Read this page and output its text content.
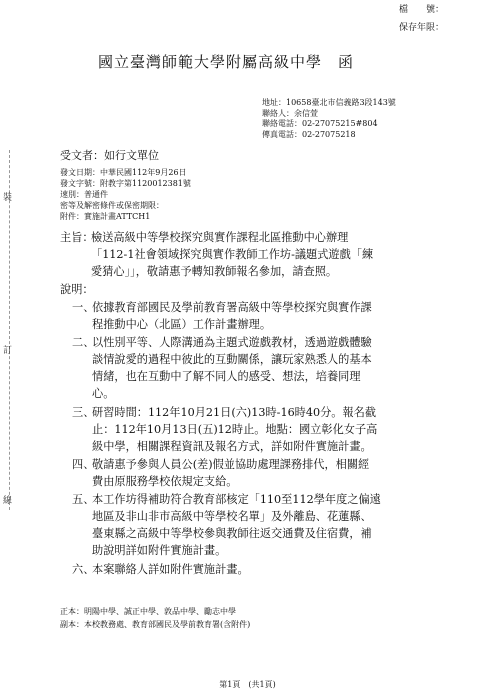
檔　　號：
保存年限：
國立臺灣師範大學附屬高級中學　函
地址：10658臺北市信義路3段143號
聯絡人：余信萱
聯絡電話：02-27075215#804
傳真電話：02-27075218
受文者：如行文單位
發文日期：中華民國112年9月26日
發文字號：附教字第1120012381號
速別：普通件
密等及解密條件或保密期限：
附件：實施計畫ATTCH1
裝
訂
線
主旨：
檢送高級中等學校探究與實作課程北區推動中心辦理
「112-1社會領域探究與實作教師工作坊-議題式遊戲「練
愛猜心」」，敬請惠予轉知教師報名參加，請查照。
說明：
一、
依據教育部國民及學前教育署高級中等學校探究與實作課
程推動中心（北區）工作計畫辦理。
二、
以性別平等、人際溝通為主題式遊戲教材，透過遊戲體驗
談情說愛的過程中彼此的互動關係，讓玩家熟悉人的基本
情緒，也在互動中了解不同人的感受、想法，培養同理
心。
三、
研習時間：112年10月21日(六)13時-16時40分。報名截
止：112年10月13日(五)12時止。地點：國立彰化女子高
級中學，相關課程資訊及報名方式，詳如附件實施計畫。
四、
敬請惠予參與人員公(差)假並協助處理課務排代，相關經
費由原服務學校依規定支給。
五、
本工作坊得補助符合教育部核定「110至112學年度之偏遠
地區及非山非市高級中等學校名單」及外離島、花蓮縣、
臺東縣之高級中等學校參與教師往返交通費及住宿費，補
助說明詳如附件實施計畫。
六、
本案聯絡人詳如附件實施計畫。
正本：明陽中學、誠正中學、敦品中學、勵志中學
副本：本校教務處、教育部國民及學前教育署(含附件)
第1頁　(共1頁)
